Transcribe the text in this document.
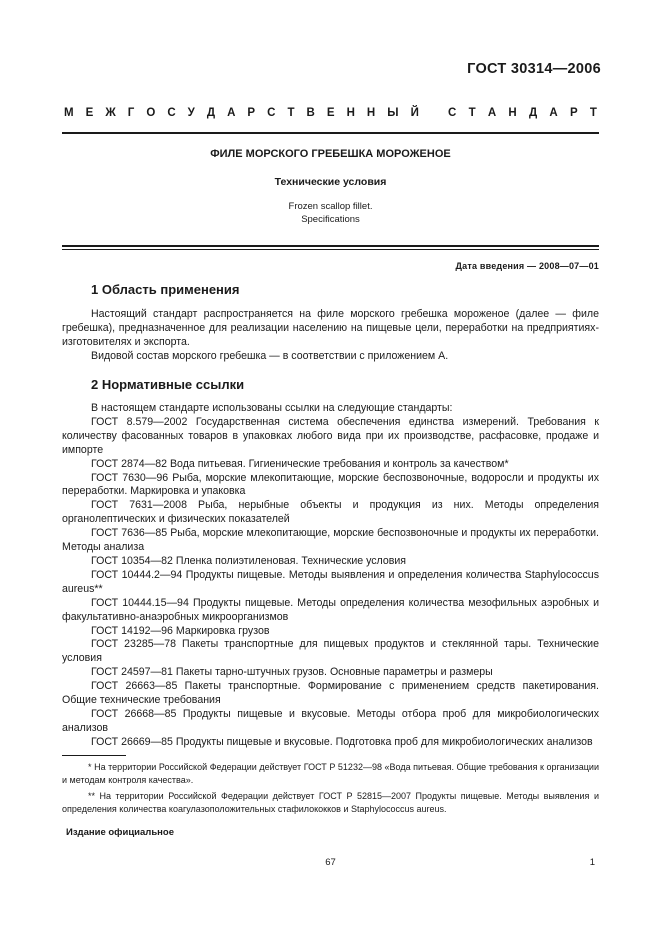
ГОСТ 30314—2006
М Е Ж Г О С У Д А Р С Т В Е Н Н Ы Й	С Т А Н Д А Р Т
ФИЛЕ МОРСКОГО ГРЕБЕШКА МОРОЖЕНОЕ
Технические условия
Frozen scallop fillet.
Specifications
Дата введения — 2008—07—01
1 Область применения

Настоящий стандарт распространяется на филе морского гребешка мороженое (далее — филе гребешка), предназначенное для реализации населению на пищевые цели, переработки на предприятиях-изготовителях и экспорта.

Видовой состав морского гребешка — в соответствии с приложением А.

2 Нормативные ссылки

В настоящем стандарте использованы ссылки на следующие стандарты:

ГОСТ 8.579—2002 Государственная система обеспечения единства измерений. Требования к количеству фасованных товаров в упаковках любого вида при их производстве, расфасовке, продаже и импорте

ГОСТ 2874—82 Вода питьевая. Гигиенические требования и контроль за качеством*

ГОСТ 7630—96 Рыба, морские млекопитающие, морские беспозвоночные, водоросли и продукты их переработки. Маркировка и упаковка

ГОСТ 7631—2008 Рыба, нерыбные объекты и продукция из них. Методы определения органолептических и физических показателей

ГОСТ 7636—85 Рыба, морские млекопитающие, морские беспозвоночные и продукты их переработки. Методы анализа

ГОСТ 10354—82 Пленка полиэтиленовая. Технические условия

ГОСТ 10444.2—94 Продукты пищевые. Методы выявления и определения количества Staphylococcus aureus**

ГОСТ 10444.15—94 Продукты пищевые. Методы определения количества мезофильных аэробных и факультативно-анаэробных микроорганизмов

ГОСТ 14192—96 Маркировка грузов

ГОСТ 23285—78 Пакеты транспортные для пищевых продуктов и стеклянной тары. Технические условия

ГОСТ 24597—81 Пакеты тарно-штучных грузов. Основные параметры и размеры

ГОСТ 26663—85 Пакеты транспортные. Формирование с применением средств пакетирования. Общие технические требования

ГОСТ 26668—85 Продукты пищевые и вкусовые. Методы отбора проб для микробиологических анализов

ГОСТ 26669—85 Продукты пищевые и вкусовые. Подготовка проб для микробиологических анализов

* На территории Российской Федерации действует ГОСТ Р 51232—98 «Вода питьевая. Общие требования к организации и методам контроля качества».

** На территории Российской Федерации действует ГОСТ Р 52815—2007 Продукты пищевые. Методы выявления и определения количества коагулазоположительных стафилококков и Staphylococcus aureus.

Издание официальное
67	1
